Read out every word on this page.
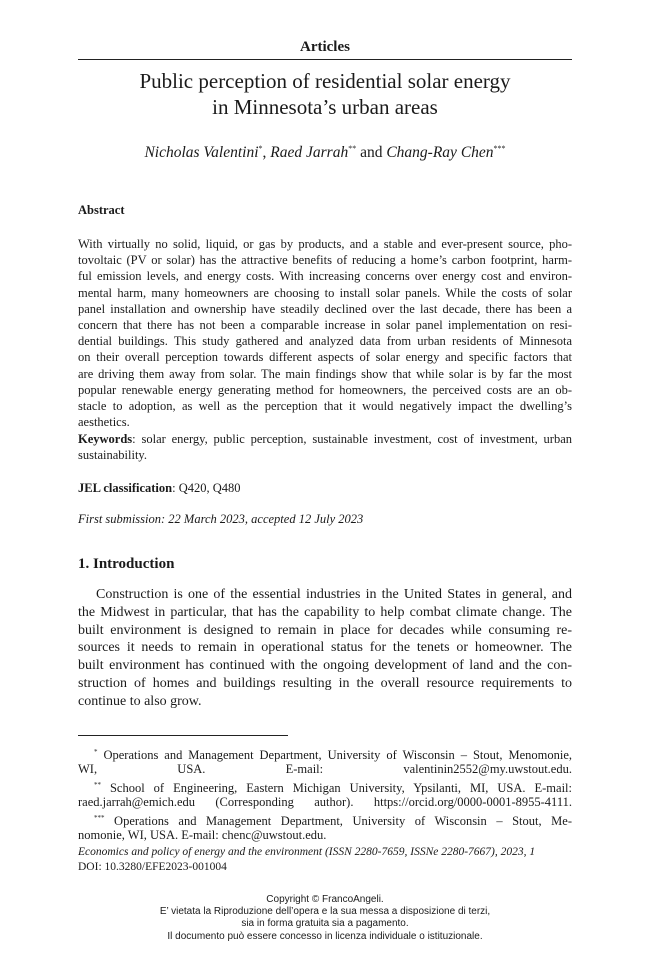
Articles
Public perception of residential solar energy
in Minnesota’s urban areas
Nicholas Valentini*, Raed Jarrah** and Chang-Ray Chen***
Abstract
With virtually no solid, liquid, or gas by products, and a stable and ever-present source, pho-
tovoltaic (PV or solar) has the attractive benefits of reducing a home’s carbon footprint, harm-
ful emission levels, and energy costs. With increasing concerns over energy cost and environ-
mental harm, many homeowners are choosing to install solar panels. While the costs of solar
panel installation and ownership have steadily declined over the last decade, there has been a
concern that there has not been a comparable increase in solar panel implementation on resi-
dential buildings. This study gathered and analyzed data from urban residents of Minnesota
on their overall perception towards different aspects of solar energy and specific factors that
are driving them away from solar. The main findings show that while solar is by far the most
popular renewable energy generating method for homeowners, the perceived costs are an ob-
stacle to adoption, as well as the perception that it would negatively impact the dwelling’s
aesthetics.
Keywords: solar energy, public perception, sustainable investment, cost of investment, urban
sustainability.
JEL classification: Q420, Q480
First submission: 22 March 2023, accepted 12 July 2023
1. Introduction
Construction is one of the essential industries in the United States in general, and
the Midwest in particular, that has the capability to help combat climate change. The
built environment is designed to remain in place for decades while consuming re-
sources it needs to remain in operational status for the tenets or homeowner. The
built environment has continued with the ongoing development of land and the con-
struction of homes and buildings resulting in the overall resource requirements to
continue to also grow.
* Operations and Management Department, University of Wisconsin – Stout, Menomonie,
WI, USA. E-mail: valentinin2552@my.uwstout.edu.
** School of Engineering, Eastern Michigan University, Ypsilanti, MI, USA. E-mail:
raed.jarrah@emich.edu (Corresponding author). https://orcid.org/0000-0001-8955-4111.
*** Operations and Management Department, University of Wisconsin – Stout, Me-
nomonie, WI, USA. E-mail: chenc@uwstout.edu.
Economics and policy of energy and the environment (ISSN 2280-7659, ISSNe 2280-7667), 2023, 1
DOI: 10.3280/EFE2023-001004
Copyright © FrancoAngeli.
E’ vietata la Riproduzione dell’opera e la sua messa a disposizione di terzi,
sia in forma gratuita sia a pagamento.
Il documento può essere concesso in licenza individuale o istituzionale.
